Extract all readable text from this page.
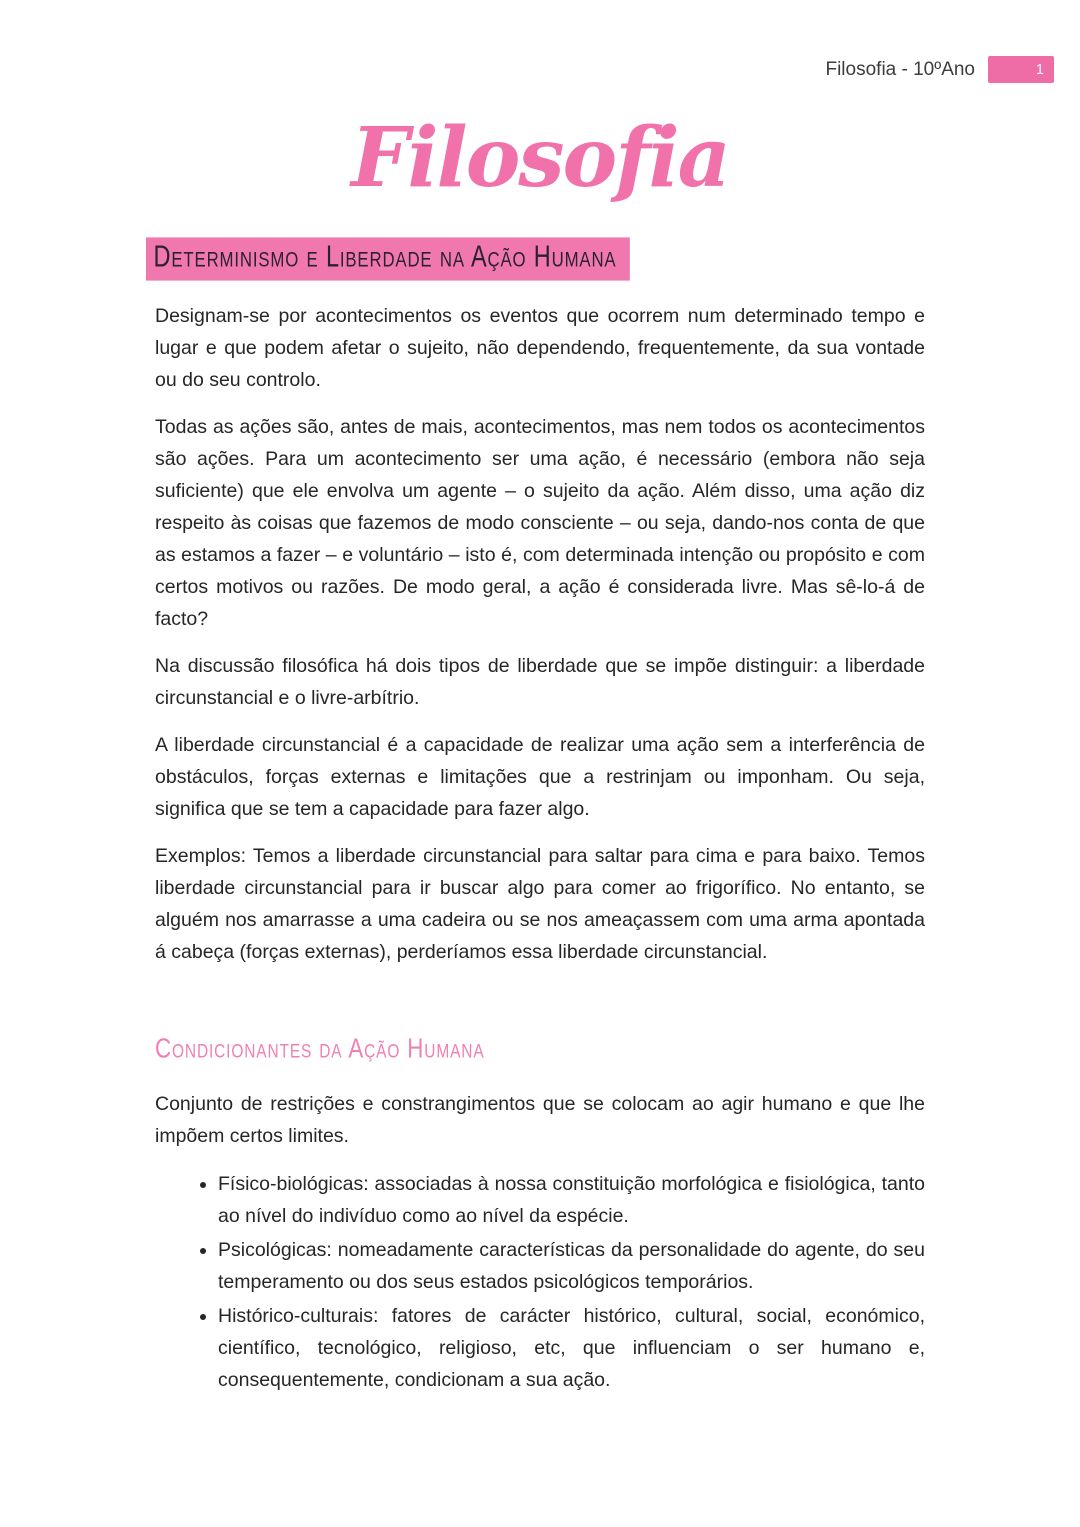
Filosofia - 10ºAno	1
Filosofia
Determinismo e Liberdade na Ação Humana

Designam-se por acontecimentos os eventos que ocorrem num determinado tempo e lugar e que podem afetar o sujeito, não dependendo, frequentemente, da sua vontade ou do seu controlo.

Todas as ações são, antes de mais, acontecimentos, mas nem todos os acontecimentos são ações. Para um acontecimento ser uma ação, é necessário (embora não seja suficiente) que ele envolva um agente – o sujeito da ação. Além disso, uma ação diz respeito às coisas que fazemos de modo consciente – ou seja, dando-nos conta de que as estamos a fazer – e voluntário – isto é, com determinada intenção ou propósito e com certos motivos ou razões. De modo geral, a ação é considerada livre. Mas sê-lo-á de facto?

Na discussão filosófica há dois tipos de liberdade que se impõe distinguir: a liberdade circunstancial e o livre-arbítrio.

A liberdade circunstancial é a capacidade de realizar uma ação sem a interferência de obstáculos, forças externas e limitações que a restrinjam ou imponham. Ou seja, significa que se tem a capacidade para fazer algo.

Exemplos: Temos a liberdade circunstancial para saltar para cima e para baixo. Temos liberdade circunstancial para ir buscar algo para comer ao frigorífico. No entanto, se alguém nos amarrasse a uma cadeira ou se nos ameaçassem com uma arma apontada á cabeça (forças externas), perderíamos essa liberdade circunstancial.

Condicionantes da Ação Humana

Conjunto de restrições e constrangimentos que se colocam ao agir humano e que lhe impõem certos limites.

• Físico-biológicas: associadas à nossa constituição morfológica e fisiológica, tanto ao nível do indivíduo como ao nível da espécie.
• Psicológicas: nomeadamente características da personalidade do agente, do seu temperamento ou dos seus estados psicológicos temporários.
• Histórico-culturais: fatores de carácter histórico, cultural, social, económico, científico, tecnológico, religioso, etc, que influenciam o ser humano e, consequentemente, condicionam a sua ação.
